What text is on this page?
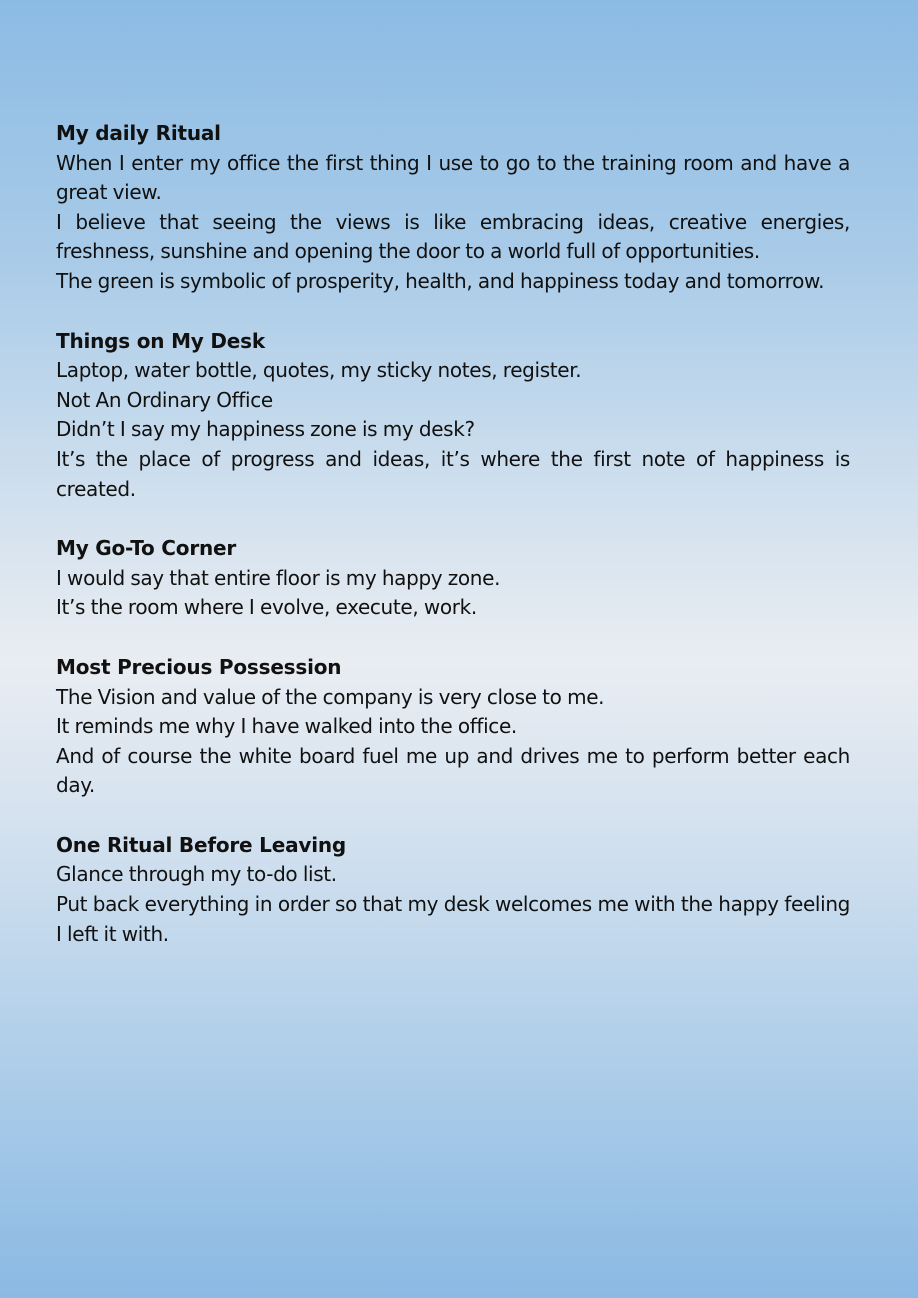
My daily Ritual

When I enter my office the first thing I use to go to the training room and have a great view.

I believe that seeing the views is like embracing ideas, creative energies, freshness, sunshine and opening the door to a world full of opportunities.

The green is symbolic of prosperity, health, and happiness today and tomorrow.

Things on My Desk

Laptop, water bottle, quotes, my sticky notes, register.

Not An Ordinary Office

Didn’t I say my happiness zone is my desk?

It’s the place of progress and ideas, it’s where the first note of happiness is created.

My Go-To Corner

I would say that entire floor is my happy zone.

It’s the room where I evolve, execute, work.

Most Precious Possession

The Vision and value of the company is very close to me.

It reminds me why I have walked into the office.

And of course the white board fuel me up and drives me to perform better each day.

One Ritual Before Leaving

Glance through my to-do list.

Put back everything in order so that my desk welcomes me with the happy feeling I left it with.
